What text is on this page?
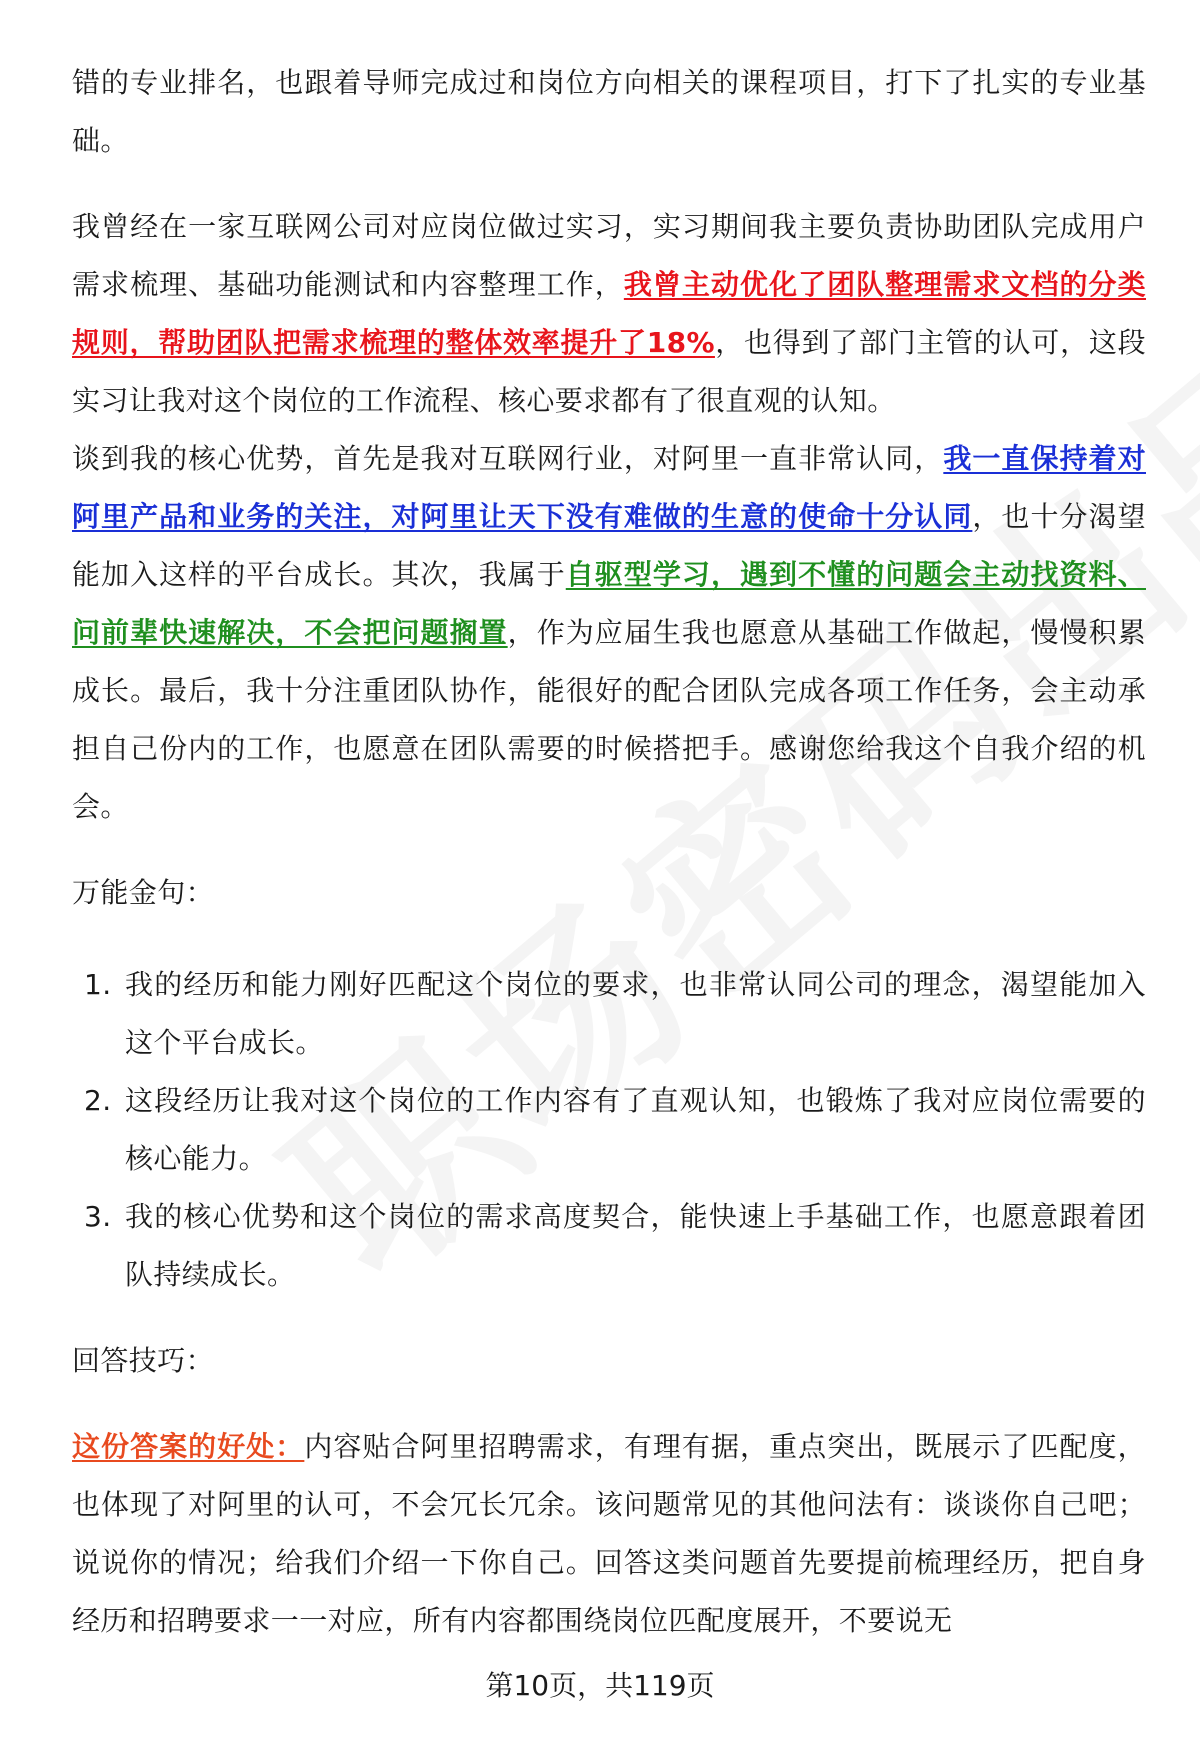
错的专业排名，也跟着导师完成过和岗位方向相关的课程项目，打下了扎实的专业基础。

我曾经在一家互联网公司对应岗位做过实习，实习期间我主要负责协助团队完成用户需求梳理、基础功能测试和内容整理工作，我曾主动优化了团队整理需求文档的分类规则，帮助团队把需求梳理的整体效率提升了18%，也得到了部门主管的认可，这段实习让我对这个岗位的工作流程、核心要求都有了很直观的认知。

谈到我的核心优势，首先是我对互联网行业，对阿里一直非常认同，我一直保持着对阿里产品和业务的关注，对阿里让天下没有难做的生意的使命十分认同，也十分渴望能加入这样的平台成长。其次，我属于自驱型学习，遇到不懂的问题会主动找资料、问前辈快速解决，不会把问题搁置，作为应届生我也愿意从基础工作做起，慢慢积累成长。最后，我十分注重团队协作，能很好的配合团队完成各项工作任务，会主动承担自己份内的工作，也愿意在团队需要的时候搭把手。感谢您给我这个自我介绍的机会。

万能金句：

1. 我的经历和能力刚好匹配这个岗位的要求，也非常认同公司的理念，渴望能加入这个平台成长。
2. 这段经历让我对这个岗位的工作内容有了直观认知，也锻炼了我对应岗位需要的核心能力。
3. 我的核心优势和这个岗位的需求高度契合，能快速上手基础工作，也愿意跟着团队持续成长。

回答技巧：

这份答案的好处：内容贴合阿里招聘需求，有理有据，重点突出，既展示了匹配度，也体现了对阿里的认可，不会冗长冗余。该问题常见的其他问法有：谈谈你自己吧；说说你的情况；给我们介绍一下你自己。回答这类问题首先要提前梳理经历，把自身经历和招聘要求一一对应，所有内容都围绕岗位匹配度展开，不要说无

第10页，共119页
